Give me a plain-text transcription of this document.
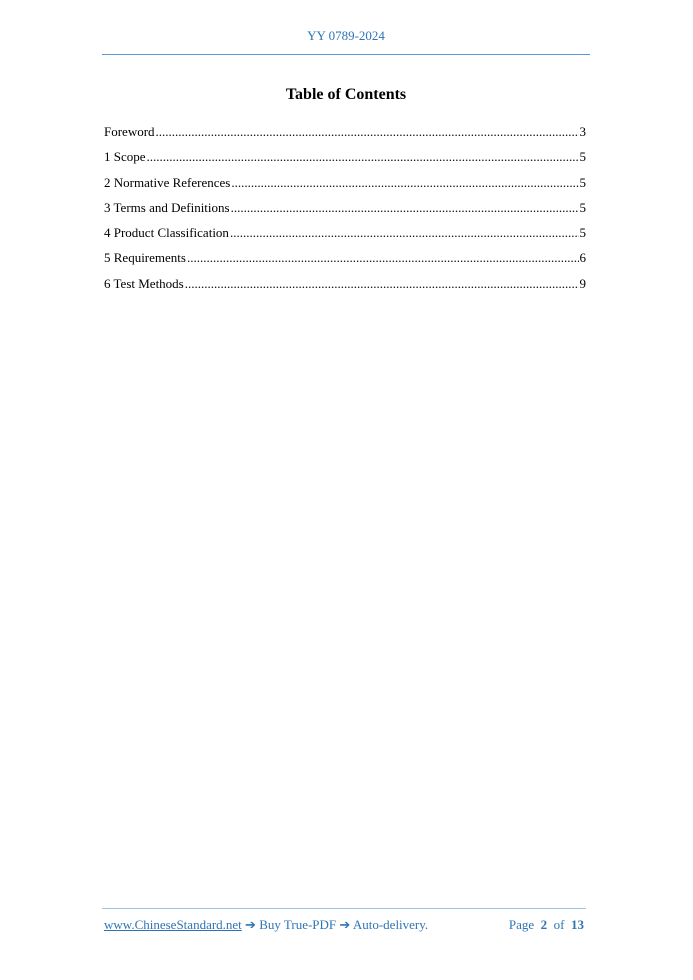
YY 0789-2024
Table of Contents
Foreword .....	3
1 Scope .....	5
2 Normative References .....	5
3 Terms and Definitions .....	5
4 Product Classification .....	5
5 Requirements .....	6
6 Test Methods .....	9
www.ChineseStandard.net ➔ Buy True-PDF ➔ Auto-delivery.	Page 2 of 13
